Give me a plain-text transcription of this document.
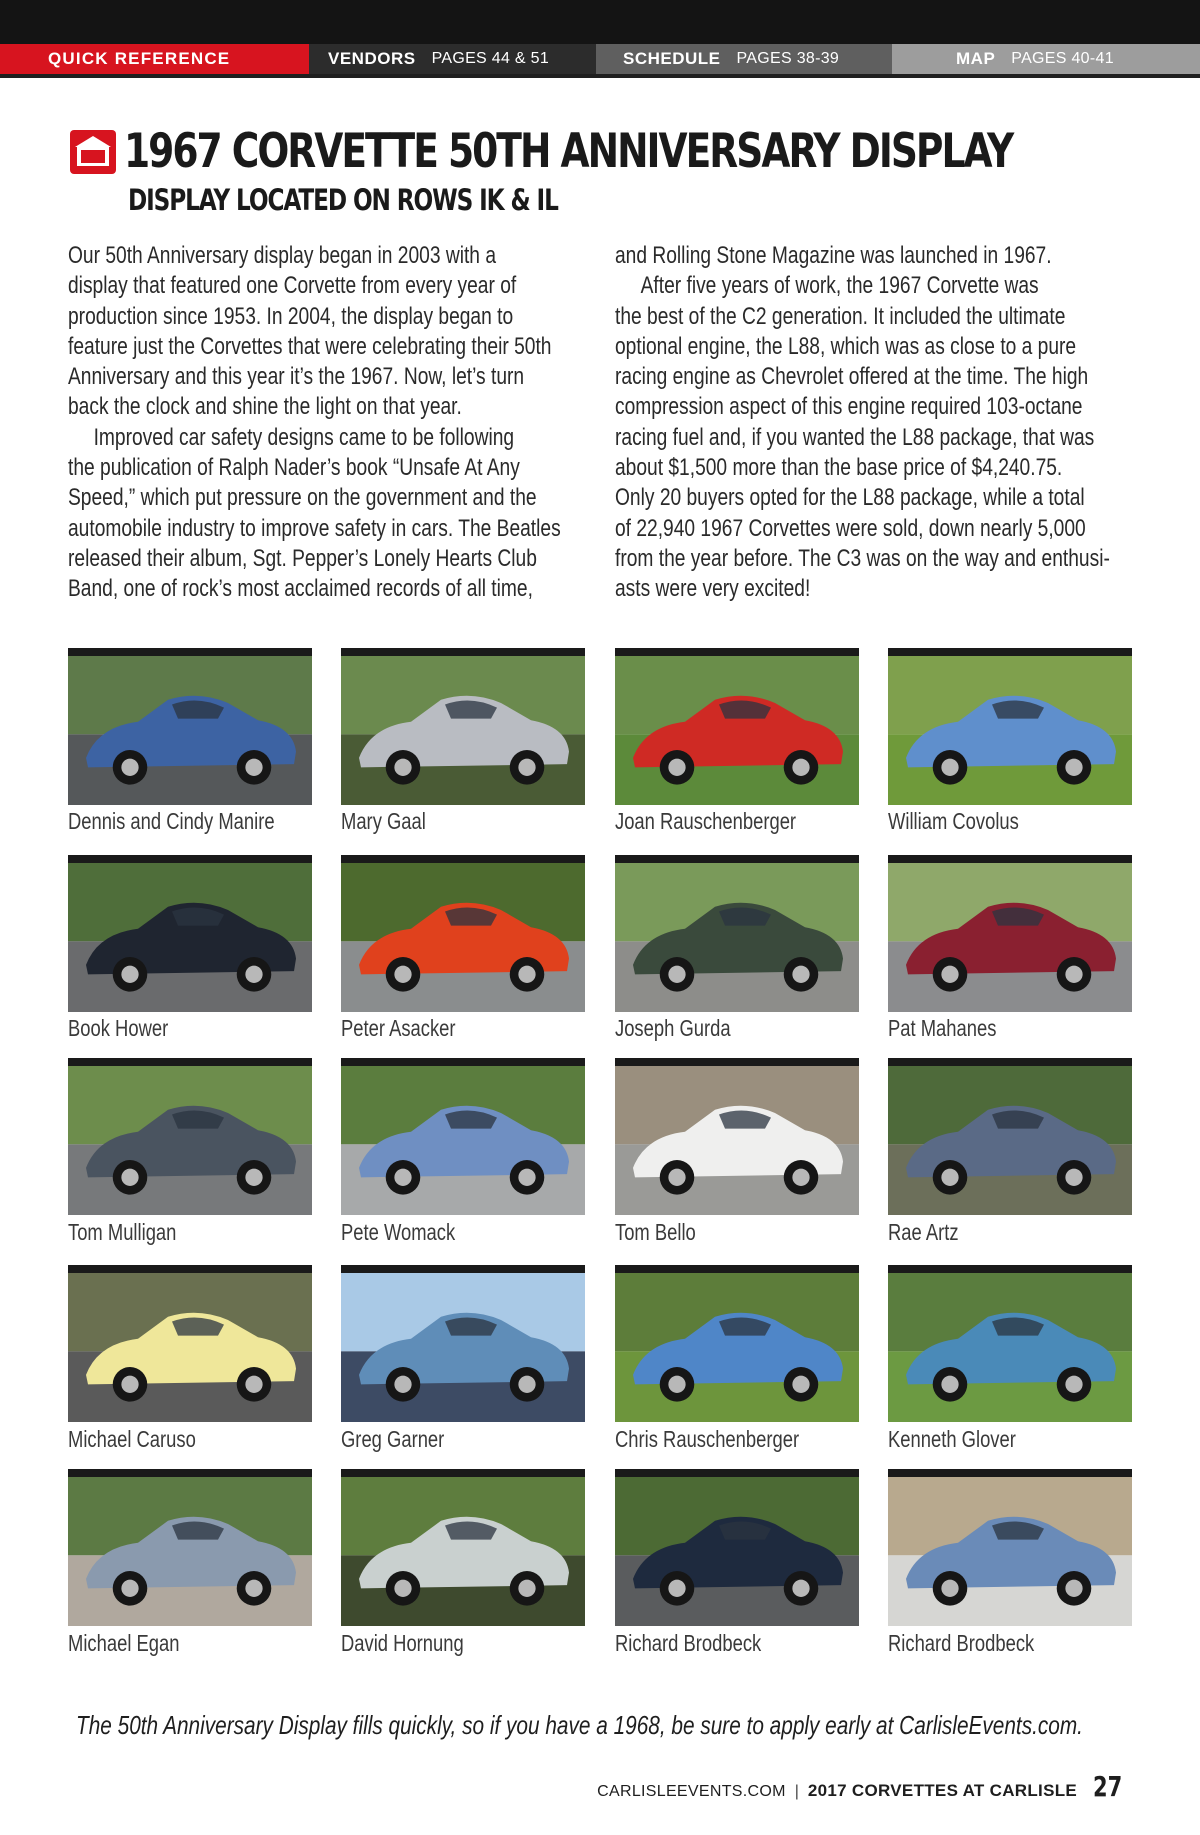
QUICK REFERENCE	VENDORS PAGES 44 & 51	SCHEDULE PAGES 38-39	MAP PAGES 40-41
1967 CORVETTE 50TH ANNIVERSARY DISPLAY
DISPLAY LOCATED ON ROWS IK & IL

Our 50th Anniversary display began in 2003 with a

display that featured one Corvette from every year of

production since 1953. In 2004, the display began to

feature just the Corvettes that were celebrating their 50th

Anniversary and this year it’s the 1967. Now, let’s turn

back the clock and shine the light on that year.

Improved car safety designs came to be following

the publication of Ralph Nader’s book “Unsafe At Any

Speed,” which put pressure on the government and the

automobile industry to improve safety in cars. The Beatles

released their album, Sgt. Pepper’s Lonely Hearts Club

Band, one of rock’s most acclaimed records of all time,

and Rolling Stone Magazine was launched in 1967.

After five years of work, the 1967 Corvette was

the best of the C2 generation. It included the ultimate

optional engine, the L88, which was as close to a pure

racing engine as Chevrolet offered at the time. The high

compression aspect of this engine required 103-octane

racing fuel and, if you wanted the L88 package, that was

about $1,500 more than the base price of $4,240.75.

Only 20 buyers opted for the L88 package, while a total

of 22,940 1967 Corvettes were sold, down nearly 5,000

from the year before. The C3 was on the way and enthusi-

asts were very excited!

Dennis and Cindy Manire	Mary Gaal	Joan Rauschenberger	William Covolus
Book Hower	Peter Asacker	Joseph Gurda	Pat Mahanes
Tom Mulligan	Pete Womack	Tom Bello	Rae Artz
Michael Caruso	Greg Garner	Chris Rauschenberger	Kenneth Glover
Michael Egan	David Hornung	Richard Brodbeck	Richard Brodbeck
The 50th Anniversary Display fills quickly, so if you have a 1968, be sure to apply early at CarlisleEvents.com.
CARLISLEEVENTS.COM | 2017 CORVETTES AT CARLISLE 27
